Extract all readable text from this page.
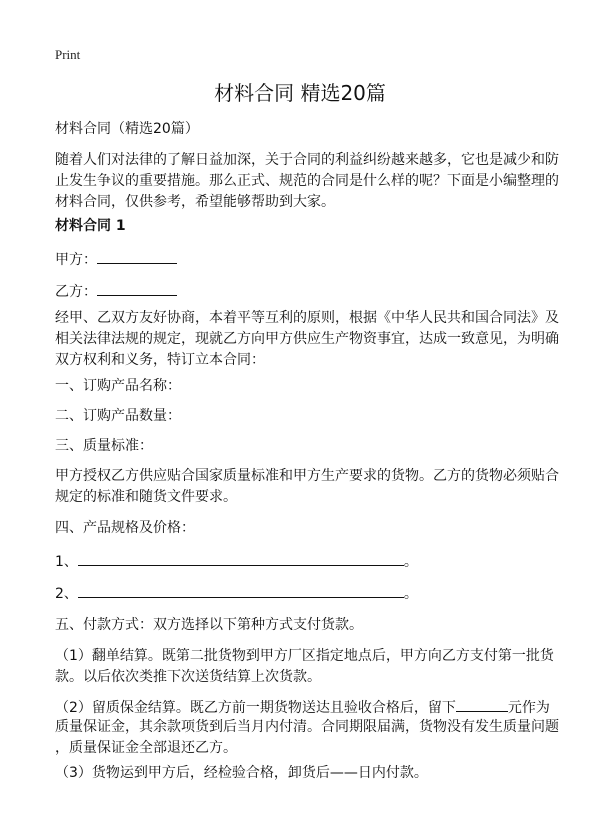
Print
材料合同 精选20篇
材料合同（精选20篇）
随着人们对法律的了解日益加深，关于合同的利益纠纷越来越多，它也是减少和防
止发生争议的重要措施。那么正式、规范的合同是什么样的呢？下面是小编整理的
材料合同，仅供参考，希望能够帮助到大家。
材料合同 1
甲方：
乙方：
经甲、乙双方友好协商，本着平等互利的原则，根据《中华人民共和国合同法》及
相关法律法规的规定，现就乙方向甲方供应生产物资事宜，达成一致意见，为明确
双方权利和义务，特订立本合同：
一、订购产品名称：
二、订购产品数量：
三、质量标准：
甲方授权乙方供应贴合国家质量标准和甲方生产要求的货物。乙方的货物必须贴合
规定的标准和随货文件要求。
四、产品规格及价格：
1、	。
2、	。
五、付款方式：双方选择以下第种方式支付货款。
（1）翻单结算。既第二批货物到甲方厂区指定地点后，甲方向乙方支付第一批货
款。以后依次类推下次送货结算上次货款。
（2）留质保金结算。既乙方前一期货物送达且验收合格后，留下	元作为
质量保证金，其余款项货到后当月内付清。合同期限届满，货物没有发生质量问题
，质量保证金全部退还乙方。
（3）货物运到甲方后，经检验合格，卸货后——日内付款。
